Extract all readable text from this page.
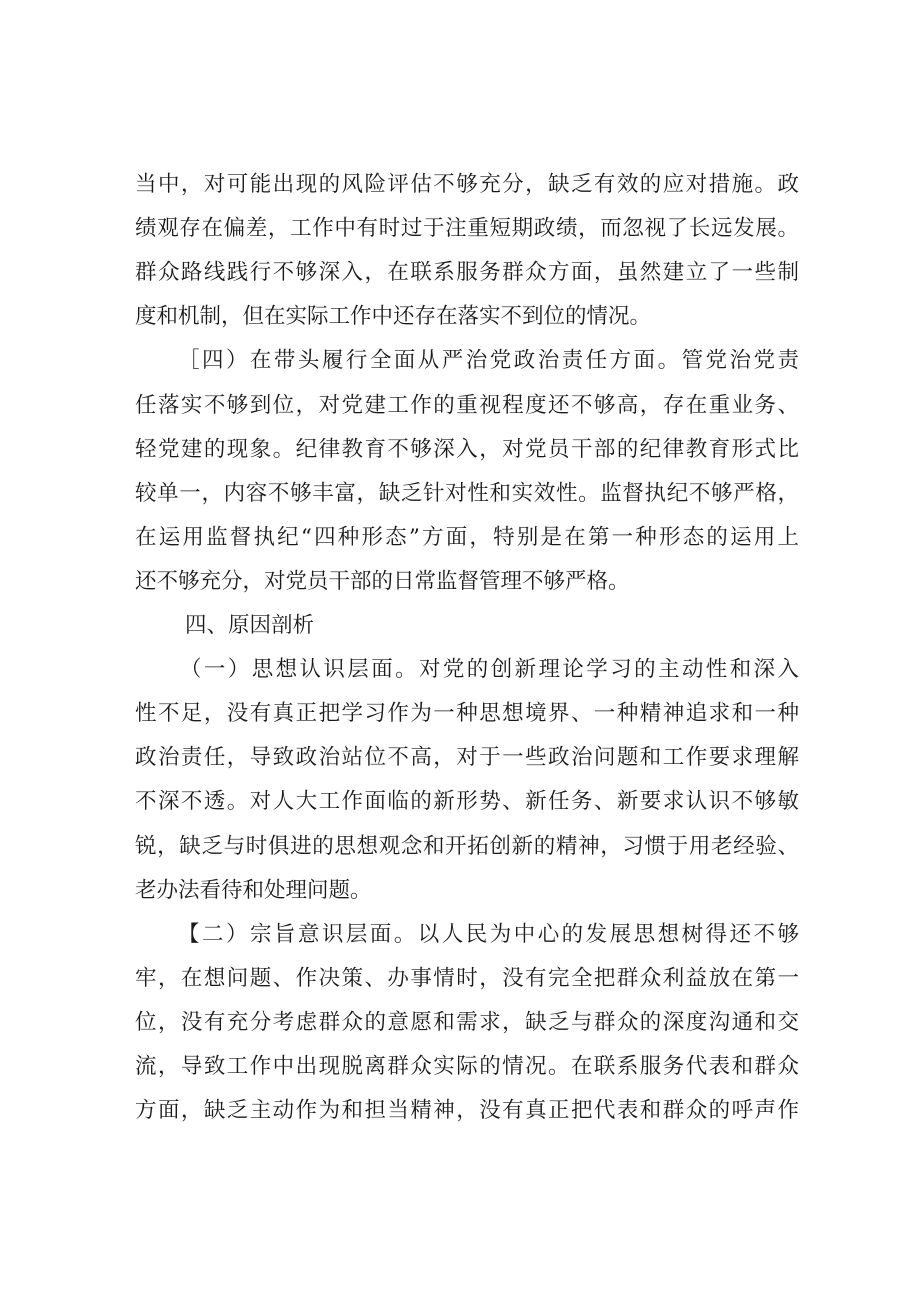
当中，对可能出现的风险评估不够充分，缺乏有效的应对措施。政
绩观存在偏差，工作中有时过于注重短期政绩，而忽视了长远发展。
群众路线践行不够深入，在联系服务群众方面，虽然建立了一些制
度和机制，但在实际工作中还存在落实不到位的情况。
［四）在带头履行全面从严治党政治责任方面。管党治党责
任落实不够到位，对党建工作的重视程度还不够高，存在重业务、
轻党建的现象。纪律教育不够深入，对党员干部的纪律教育形式比
较单一，内容不够丰富，缺乏针对性和实效性。监督执纪不够严格，
在运用监督执纪“四种形态”方面，特别是在第一种形态的运用上
还不够充分，对党员干部的日常监督管理不够严格。
四、原因剖析
（一）思想认识层面。对党的创新理论学习的主动性和深入
性不足，没有真正把学习作为一种思想境界、一种精神追求和一种
政治责任，导致政治站位不高，对于一些政治问题和工作要求理解
不深不透。对人大工作面临的新形势、新任务、新要求认识不够敏
锐，缺乏与时俱进的思想观念和开拓创新的精神，习惯于用老经验、
老办法看待和处理问题。
【二）宗旨意识层面。以人民为中心的发展思想树得还不够
牢，在想问题、作决策、办事情时，没有完全把群众利益放在第一
位，没有充分考虑群众的意愿和需求，缺乏与群众的深度沟通和交
流，导致工作中出现脱离群众实际的情况。在联系服务代表和群众
方面，缺乏主动作为和担当精神，没有真正把代表和群众的呼声作
